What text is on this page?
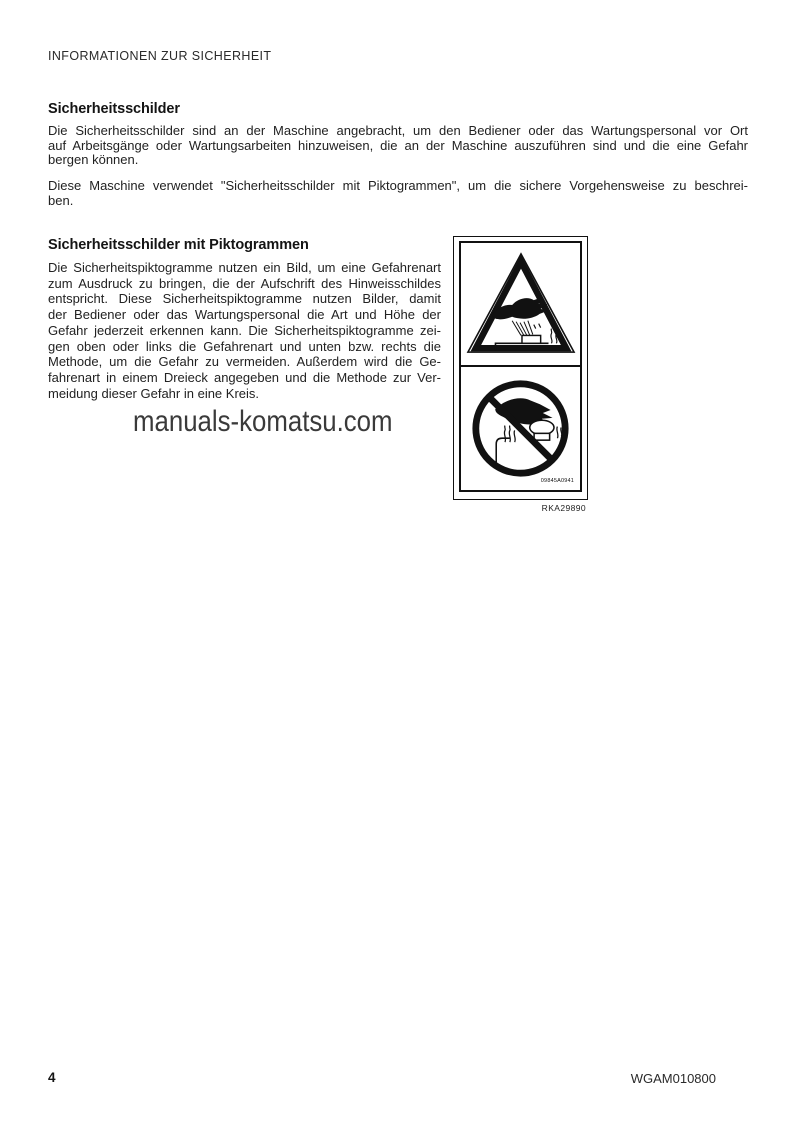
INFORMATIONEN ZUR SICHERHEIT
Sicherheitsschilder
Die Sicherheitsschilder sind an der Maschine angebracht, um den Bediener oder das Wartungspersonal vor Ort
auf Arbeitsgänge oder Wartungsarbeiten hinzuweisen, die an der Maschine auszuführen sind und die eine Gefahr
bergen können.
Diese Maschine verwendet "Sicherheitsschilder mit Piktogrammen", um die sichere Vorgehensweise zu beschrei-
ben.
Sicherheitsschilder mit Piktogrammen
Die Sicherheitspiktogramme nutzen ein Bild, um eine Gefahrenart
zum Ausdruck zu bringen, die der Aufschrift des Hinweisschildes
entspricht. Diese Sicherheitspiktogramme nutzen Bilder, damit
der Bediener oder das Wartungspersonal die Art und Höhe der
Gefahr jederzeit erkennen kann. Die Sicherheitspiktogramme zei-
gen oben oder links die Gefahrenart und unten bzw. rechts die
Methode, um die Gefahr zu vermeiden. Außerdem wird die Ge-
fahrenart in einem Dreieck angegeben und die Methode zur Ver-
meidung dieser Gefahr in eine Kreis.
09845A0941
RKA29890
manuals-komatsu.com
4	WGAM010800
